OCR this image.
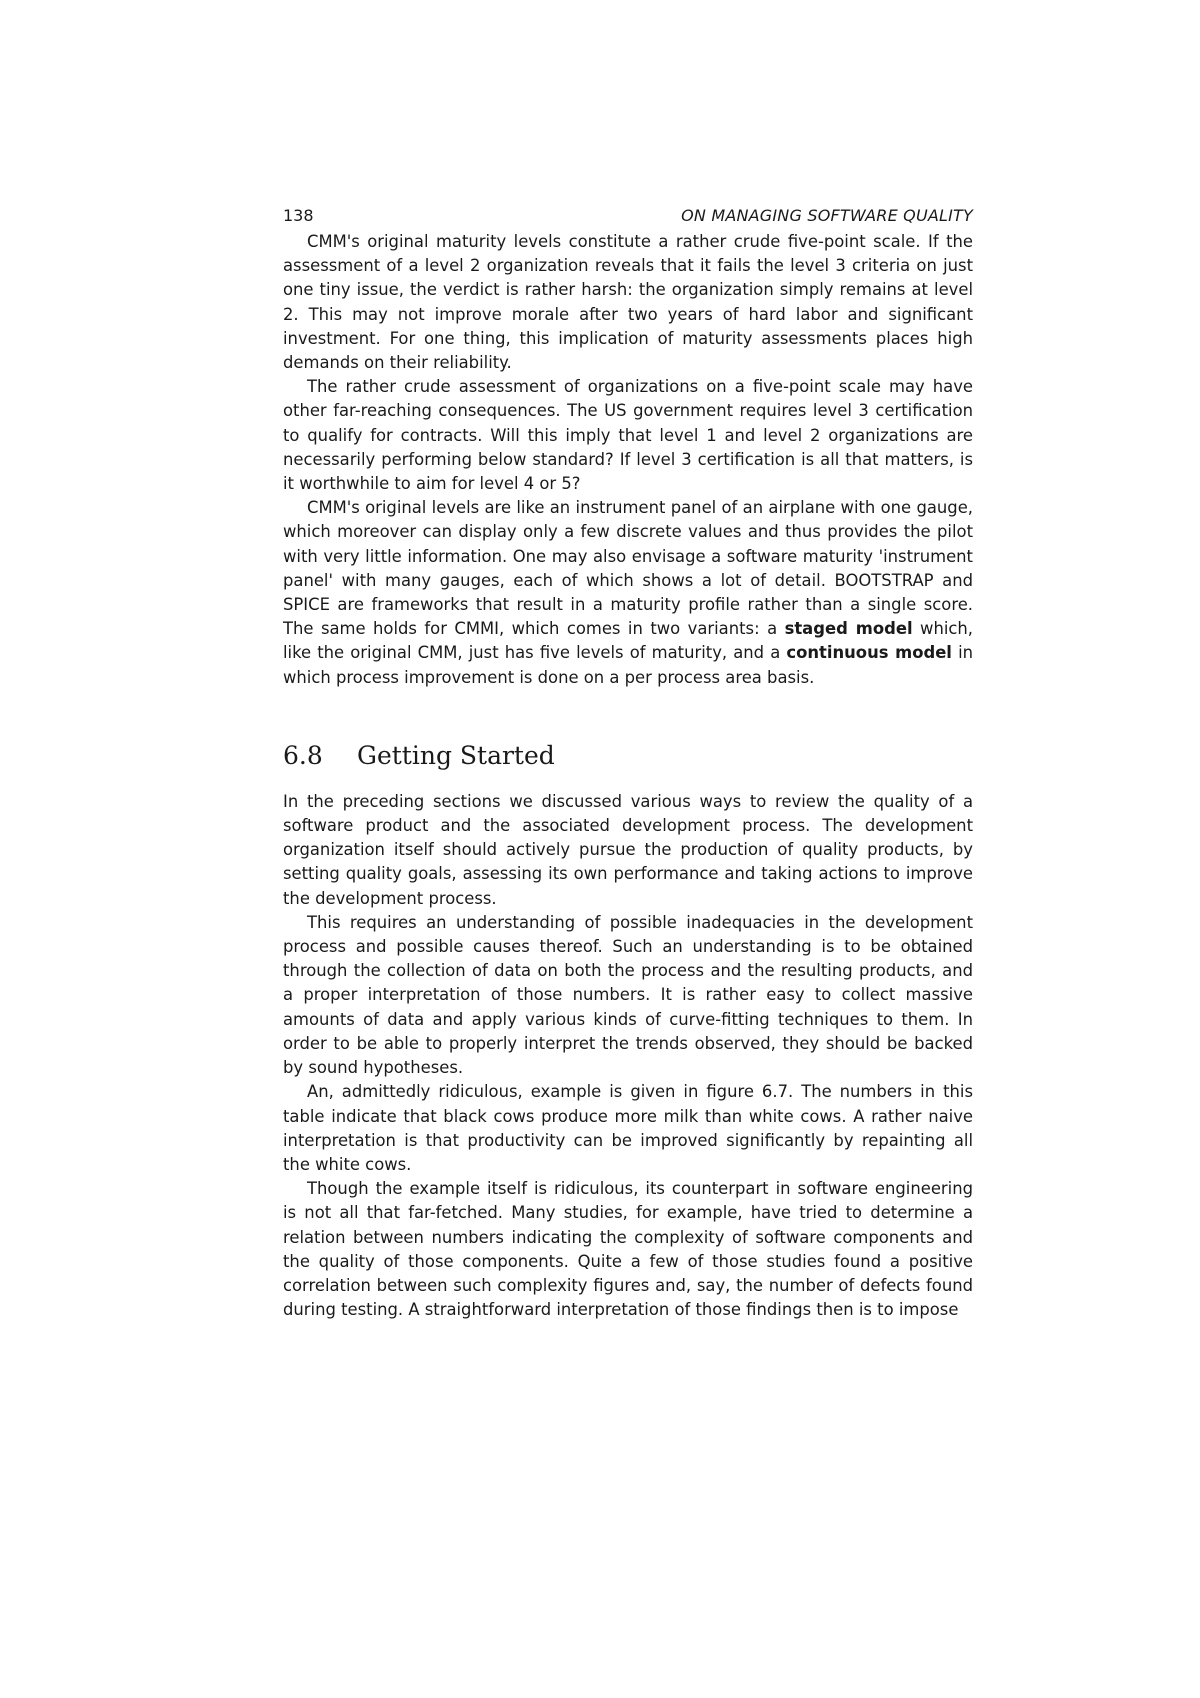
138	ON MANAGING SOFTWARE QUALITY

CMM's original maturity levels constitute a rather crude five-point scale. If the assessment of a level 2 organization reveals that it fails the level 3 criteria on just one tiny issue, the verdict is rather harsh: the organization simply remains at level 2. This may not improve morale after two years of hard labor and significant investment. For one thing, this implication of maturity assessments places high demands on their reliability.

The rather crude assessment of organizations on a five-point scale may have other far-reaching consequences. The US government requires level 3 certification to qualify for contracts. Will this imply that level 1 and level 2 organizations are necessarily performing below standard? If level 3 certification is all that matters, is it worthwhile to aim for level 4 or 5?

CMM's original levels are like an instrument panel of an airplane with one gauge, which moreover can display only a few discrete values and thus provides the pilot with very little information. One may also envisage a software maturity 'instrument panel' with many gauges, each of which shows a lot of detail. BOOTSTRAP and SPICE are frameworks that result in a maturity profile rather than a single score. The same holds for CMMI, which comes in two variants: a staged model which, like the original CMM, just has five levels of maturity, and a continuous model in which process improvement is done on a per process area basis.

6.8	Getting Started

In the preceding sections we discussed various ways to review the quality of a software product and the associated development process. The development organization itself should actively pursue the production of quality products, by setting quality goals, assessing its own performance and taking actions to improve the development process.

This requires an understanding of possible inadequacies in the development process and possible causes thereof. Such an understanding is to be obtained through the collection of data on both the process and the resulting products, and a proper interpretation of those numbers. It is rather easy to collect massive amounts of data and apply various kinds of curve-fitting techniques to them. In order to be able to properly interpret the trends observed, they should be backed by sound hypotheses.

An, admittedly ridiculous, example is given in figure 6.7. The numbers in this table indicate that black cows produce more milk than white cows. A rather naive interpretation is that productivity can be improved significantly by repainting all the white cows.

Though the example itself is ridiculous, its counterpart in software engineering is not all that far-fetched. Many studies, for example, have tried to determine a relation between numbers indicating the complexity of software components and the quality of those components. Quite a few of those studies found a positive correlation between such complexity figures and, say, the number of defects found during testing. A straightforward interpretation of those findings then is to impose
